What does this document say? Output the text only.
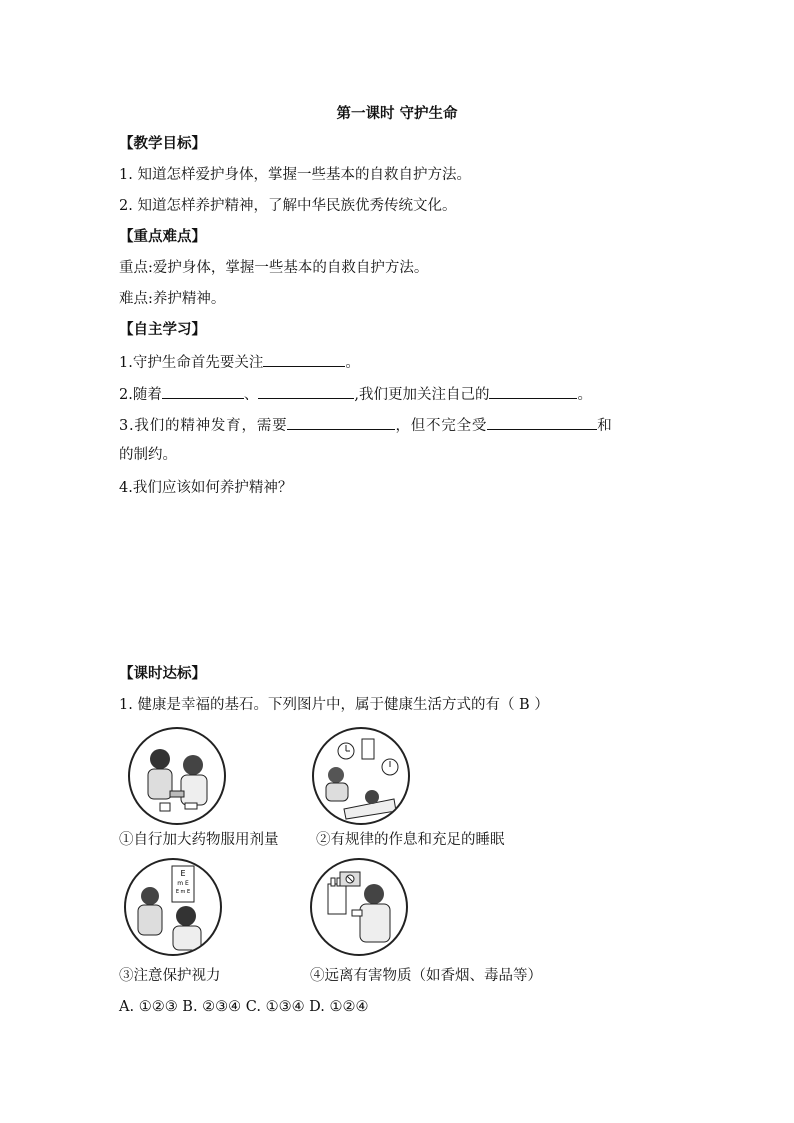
第一课时 守护生命
【教学目标】
1. 知道怎样爱护身体，掌握一些基本的自救自护方法。
2. 知道怎样养护精神，了解中华民族优秀传统文化。
【重点难点】
重点:爱护身体，掌握一些基本的自救自护方法。
难点:养护精神。
【自主学习】
1.守护生命首先要关注	。
2.随着	、	,我们更加关注自己的	。
3.我们的精神发育，需要	，但不完全受	和
的制约。
4.我们应该如何养护精神？
【课时达标】
1. 健康是幸福的基石。下列图片中，属于健康生活方式的有（ B ）
①自行加大药物服用剂量	②有规律的作息和充足的睡眠
E
m E
E m E
③注意保护视力	④远离有害物质（如香烟、毒品等）
A. ①②③ B. ②③④ C. ①③④ D. ①②④
